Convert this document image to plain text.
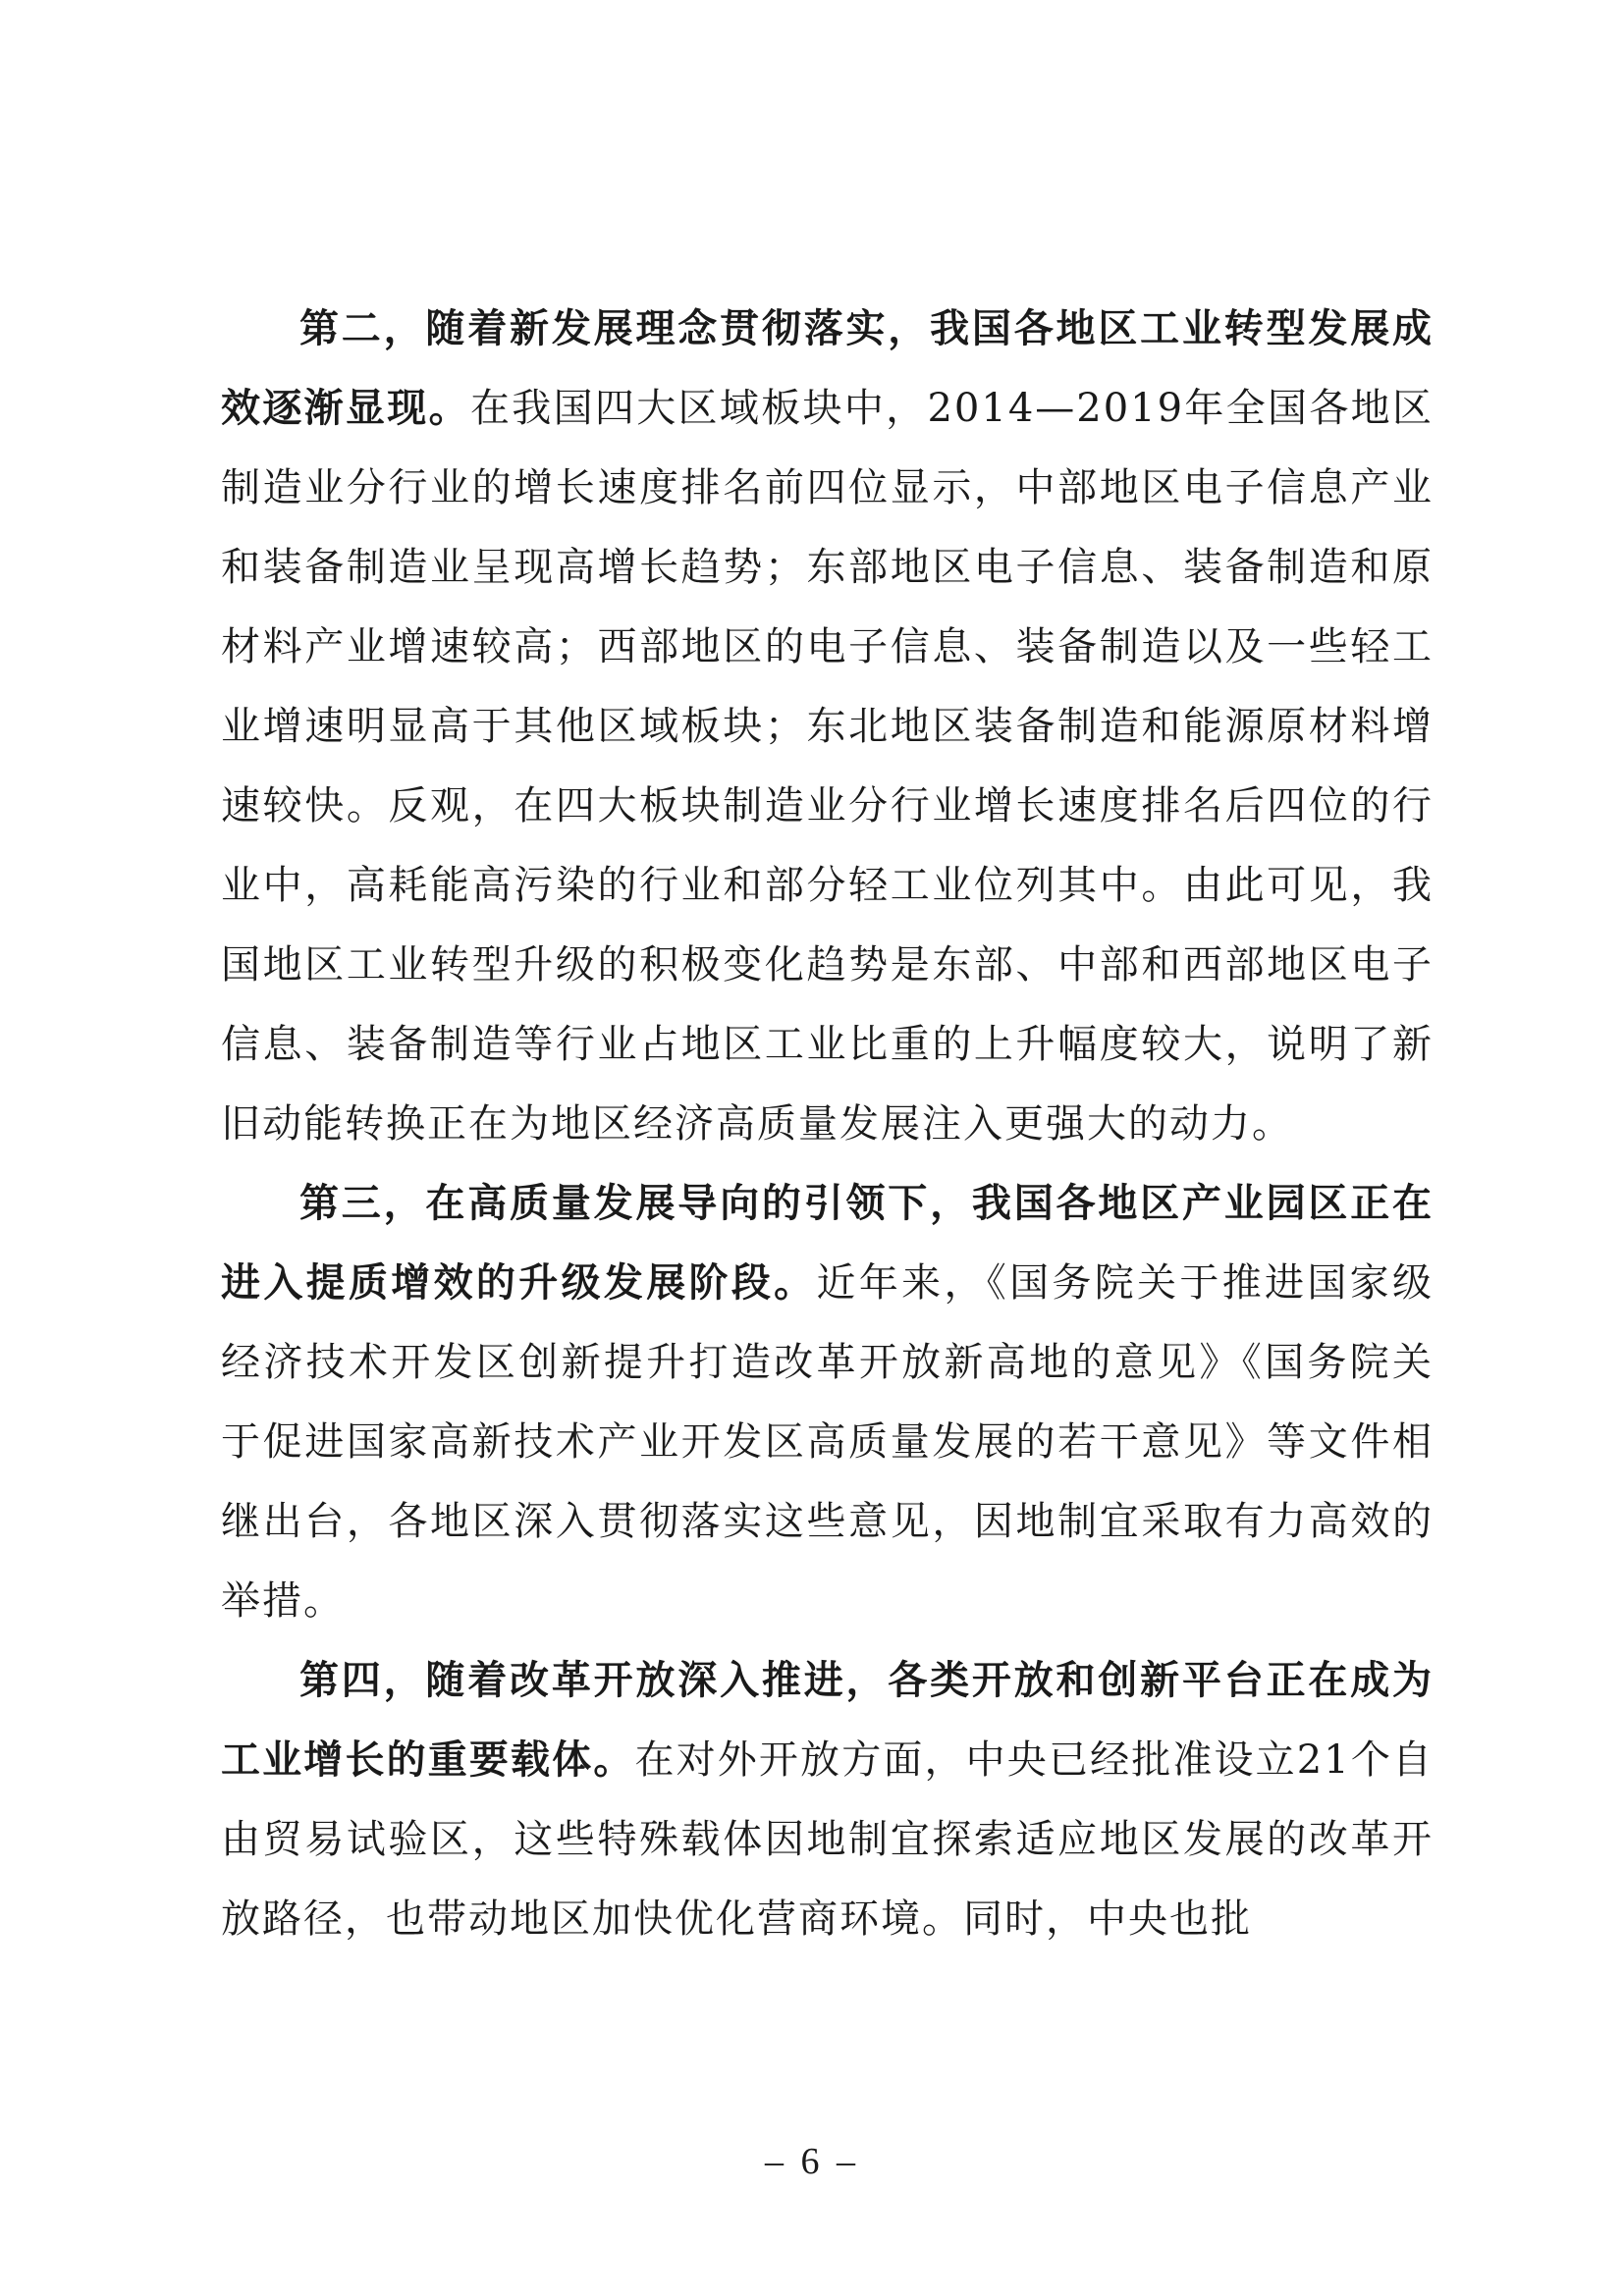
第二，随着新发展理念贯彻落实，我国各地区工业转型发展成效逐渐显现。在我国四大区域板块中，2014—2019年全国各地区制造业分行业的增长速度排名前四位显示，中部地区电子信息产业和装备制造业呈现高增长趋势；东部地区电子信息、装备制造和原材料产业增速较高；西部地区的电子信息、装备制造以及一些轻工业增速明显高于其他区域板块；东北地区装备制造和能源原材料增速较快。反观，在四大板块制造业分行业增长速度排名后四位的行业中，高耗能高污染的行业和部分轻工业位列其中。由此可见，我国地区工业转型升级的积极变化趋势是东部、中部和西部地区电子信息、装备制造等行业占地区工业比重的上升幅度较大，说明了新旧动能转换正在为地区经济高质量发展注入更强大的动力。

第三，在高质量发展导向的引领下，我国各地区产业园区正在进入提质增效的升级发展阶段。近年来，《国务院关于推进国家级经济技术开发区创新提升打造改革开放新高地的意见》《国务院关于促进国家高新技术产业开发区高质量发展的若干意见》等文件相继出台，各地区深入贯彻落实这些意见，因地制宜采取有力高效的举措。

第四，随着改革开放深入推进，各类开放和创新平台正在成为工业增长的重要载体。在对外开放方面，中央已经批准设立21个自由贸易试验区，这些特殊载体因地制宜探索适应地区发展的改革开放路径，也带动地区加快优化营商环境。同时，中央也批

– 6 –
